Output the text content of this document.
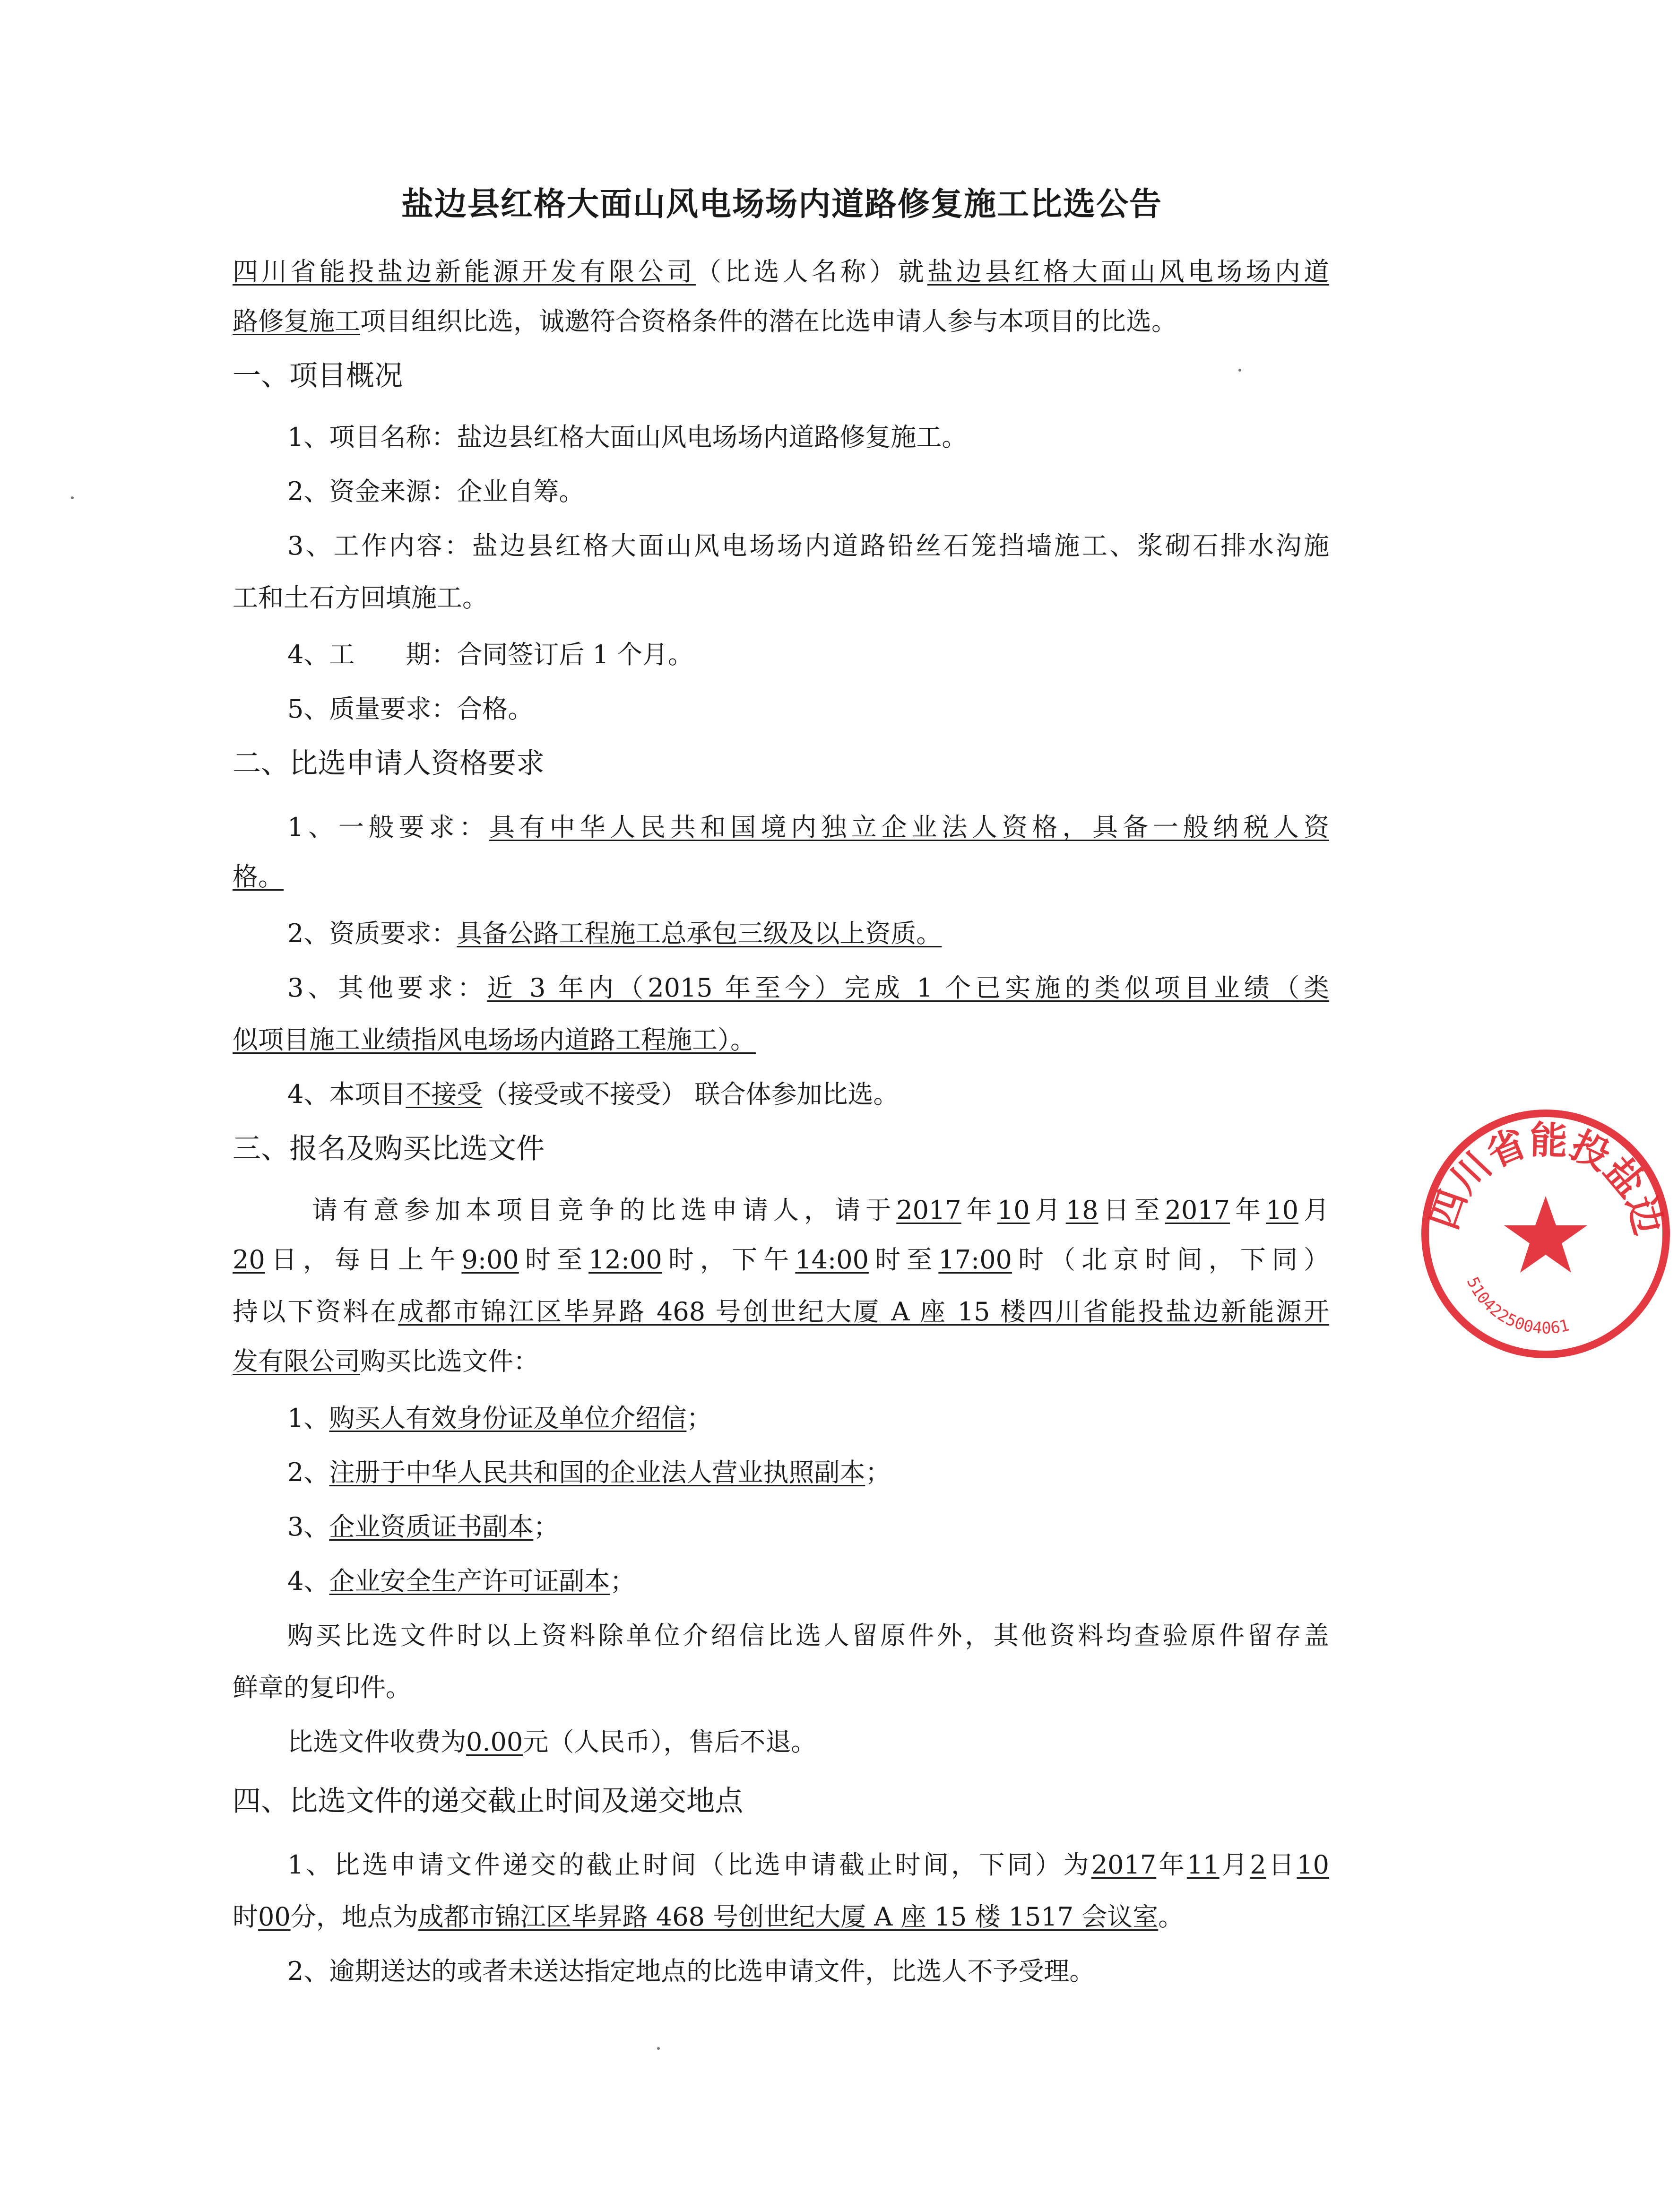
盐边县红格大面山风电场场内道路修复施工比选公告
四川省能投盐边新能源开发有限公司（比选人名称）就盐边县红格大面山风电场场内道
路修复施工项目组织比选，诚邀符合资格条件的潜在比选申请人参与本项目的比选。
一、项目概况
1、项目名称：盐边县红格大面山风电场场内道路修复施工。
2、资金来源：企业自筹。
3、工作内容：盐边县红格大面山风电场场内道路铅丝石笼挡墙施工、浆砌石排水沟施
工和土石方回填施工。
4、工　　期：合同签订后 1 个月。
5、质量要求：合格。
二、比选申请人资格要求
1、一般要求：具有中华人民共和国境内独立企业法人资格，具备一般纳税人资
格。
2、资质要求：具备公路工程施工总承包三级及以上资质。
3、其他要求：近 3 年内（2015 年至今）完成 1 个已实施的类似项目业绩（类
似项目施工业绩指风电场场内道路工程施工）。
4、本项目不接受（接受或不接受） 联合体参加比选。
三、报名及购买比选文件
请有意参加本项目竞争的比选申请人，请于2017年10月18日至2017年10月
20日，每日上午9:00时至12:00时，下午14:00时至17:00时（北京时间，下同）
持以下资料在成都市锦江区毕昇路 468 号创世纪大厦 A 座 15 楼四川省能投盐边新能源开
发有限公司购买比选文件：
1、购买人有效身份证及单位介绍信；
2、注册于中华人民共和国的企业法人营业执照副本；
3、企业资质证书副本；
4、企业安全生产许可证副本；
购买比选文件时以上资料除单位介绍信比选人留原件外，其他资料均查验原件留存盖
鲜章的复印件。
比选文件收费为0.00元（人民币），售后不退。
四、比选文件的递交截止时间及递交地点
1、比选申请文件递交的截止时间（比选申请截止时间，下同）为2017年11月2日10
时00分，地点为成都市锦江区毕昇路 468 号创世纪大厦 A 座 15 楼 1517 会议室。
2、逾期送达的或者未送达指定地点的比选申请文件，比选人不予受理。
四川省能投盐边
5104225004061
